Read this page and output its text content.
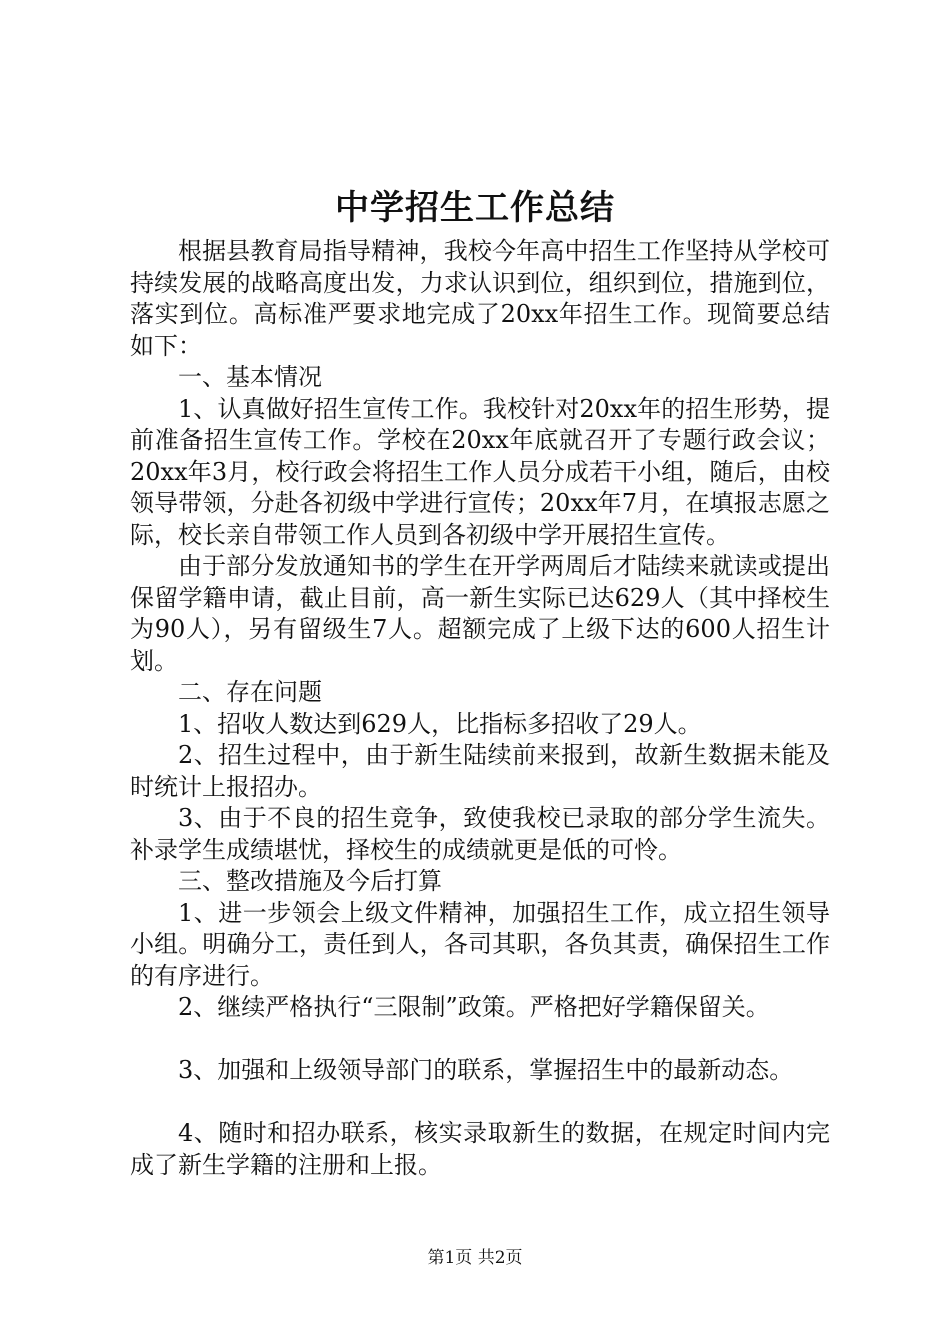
中学招生工作总结

根据县教育局指导精神，我校今年高中招生工作坚持从学校可持续发展的战略高度出发，力求认识到位，组织到位，措施到位，落实到位。高标准严要求地完成了20xx年招生工作。现简要总结如下：

一、基本情况

1、认真做好招生宣传工作。我校针对20xx年的招生形势，提前准备招生宣传工作。学校在20xx年底就召开了专题行政会议；20xx年3月，校行政会将招生工作人员分成若干小组，随后，由校领导带领，分赴各初级中学进行宣传；20xx年7月，在填报志愿之际，校长亲自带领工作人员到各初级中学开展招生宣传。

由于部分发放通知书的学生在开学两周后才陆续来就读或提出保留学籍申请，截止目前，高一新生实际已达629人（其中择校生为90人），另有留级生7人。超额完成了上级下达的600人招生计划。

二、存在问题

1、招收人数达到629人，比指标多招收了29人。

2、招生过程中，由于新生陆续前来报到，故新生数据未能及时统计上报招办。

3、由于不良的招生竞争，致使我校已录取的部分学生流失。补录学生成绩堪忧，择校生的成绩就更是低的可怜。

三、整改措施及今后打算

1、进一步领会上级文件精神，加强招生工作，成立招生领导小组。明确分工，责任到人，各司其职，各负其责，确保招生工作的有序进行。

2、继续严格执行“三限制”政策。严格把好学籍保留关。

3、加强和上级领导部门的联系，掌握招生中的最新动态。

4、随时和招办联系，核实录取新生的数据，在规定时间内完成了新生学籍的注册和上报。

第1页 共2页
